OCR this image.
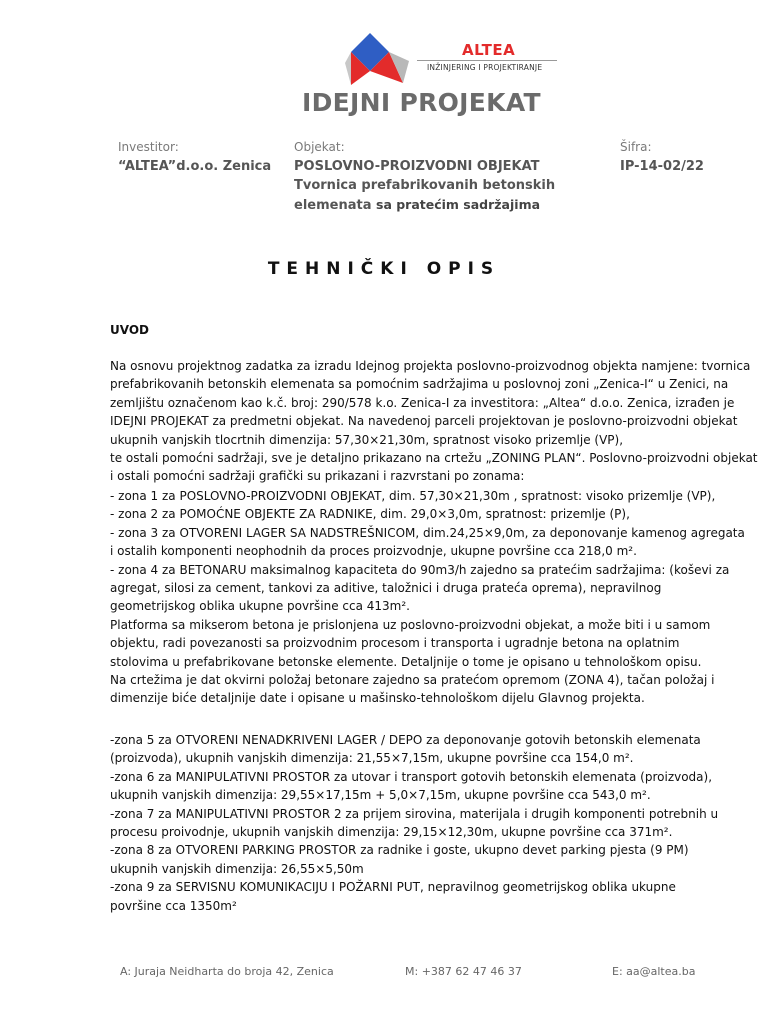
ALTEA
INŽINJERING I PROJEKTIRANJE
IDEJNI PROJEKAT
Investitor:
“ALTEA”d.o.o. Zenica
Objekat:
POSLOVNO-PROIZVODNI OBJEKAT
Tvornica prefabrikovanih betonskih
elemenata sa pratećim sadržajima
Šifra:
IP-14-02/22
TEHNIČKI OPIS
UVOD
Na osnovu projektnog zadatka za izradu Idejnog projekta poslovno-proizvodnog objekta namjene: tvornica
prefabrikovanih betonskih elemenata sa pomoćnim sadržajima u poslovnoj zoni „Zenica-I“ u Zenici, na
zemljištu označenom kao k.č. broj: 290/578 k.o. Zenica-I za investitora: „Altea“ d.o.o. Zenica, izrađen je
IDEJNI PROJEKAT za predmetni objekat. Na navedenoj parceli projektovan je poslovno-proizvodni objekat
ukupnih vanjskih tlocrtnih dimenzija: 57,30×21,30m, spratnost visoko prizemlje (VP),
te ostali pomoćni sadržaji, sve je detaljno prikazano na crtežu „ZONING PLAN“. Poslovno-proizvodni objekat
i ostali pomoćni sadržaji grafički su prikazani i razvrstani po zonama:
- zona 1 za POSLOVNO-PROIZVODNI OBJEKAT, dim. 57,30×21,30m , spratnost: visoko prizemlje (VP),
- zona 2 za POMOĆNE OBJEKTE ZA RADNIKE, dim. 29,0×3,0m, spratnost: prizemlje (P),
- zona 3 za OTVORENI LAGER SA NADSTREŠNICOM, dim.24,25×9,0m, za deponovanje kamenog agregata
i ostalih komponenti neophodnih da proces proizvodnje, ukupne površine cca 218,0 m².
- zona 4 za BETONARU maksimalnog kapaciteta do 90m3/h zajedno sa pratećim sadržajima: (koševi za
agregat, silosi za cement, tankovi za aditive, taložnici i druga prateća oprema), nepravilnog
geometrijskog oblika ukupne površine cca 413m².
Platforma sa mikserom betona je prislonjena uz poslovno-proizvodni objekat, a može biti i u samom
objektu, radi povezanosti sa proizvodnim procesom i transporta i ugradnje betona na oplatnim
stolovima u prefabrikovane betonske elemente. Detaljnije o tome je opisano u tehnološkom opisu.
Na crtežima je dat okvirni položaj betonare zajedno sa pratećom opremom (ZONA 4), tačan položaj i
dimenzije biće detaljnije date i opisane u mašinsko-tehnološkom dijelu Glavnog projekta.
-zona 5 za OTVORENI NENADKRIVENI LAGER / DEPO za deponovanje gotovih betonskih elemenata
(proizvoda), ukupnih vanjskih dimenzija: 21,55×7,15m, ukupne površine cca 154,0 m².
-zona 6 za MANIPULATIVNI PROSTOR za utovar i transport gotovih betonskih elemenata (proizvoda),
ukupnih vanjskih dimenzija: 29,55×17,15m + 5,0×7,15m, ukupne površine cca 543,0 m².
-zona 7 za MANIPULATIVNI PROSTOR 2 za prijem sirovina, materijala i drugih komponenti potrebnih u
procesu proivodnje, ukupnih vanjskih dimenzija: 29,15×12,30m, ukupne površine cca 371m².
-zona 8 za OTVORENI PARKING PROSTOR za radnike i goste, ukupno devet parking pjesta (9 PM)
ukupnih vanjskih dimenzija: 26,55×5,50m
-zona 9 za SERVISNU KOMUNIKACIJU I POŽARNI PUT, nepravilnog geometrijskog oblika ukupne
površine cca 1350m²
A: Juraja Neidharta do broja 42, Zenica	M: +387 62 47 46 37	E: aa@altea.ba
